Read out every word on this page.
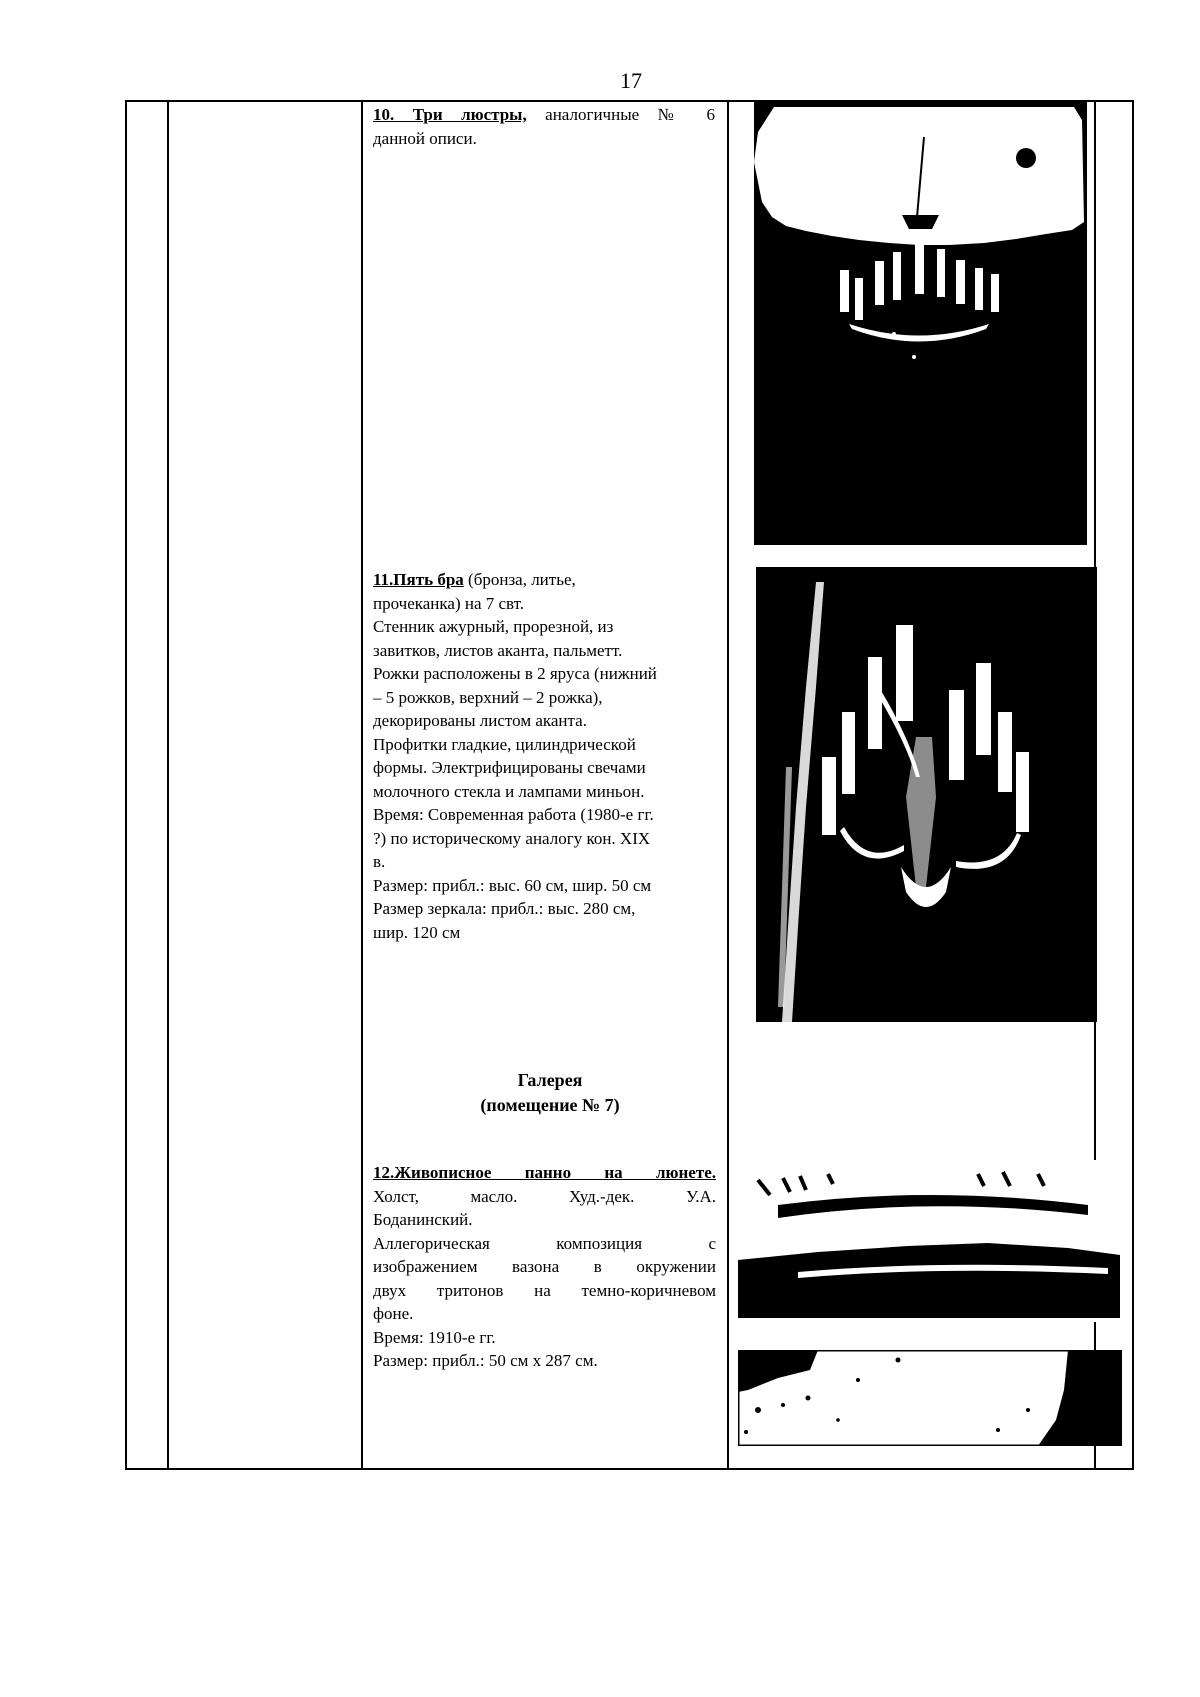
17

10. Три люстры, аналогичные № 6

данной описи.

11.Пять бра (бронза, литье,

прочеканка) на 7 свт.

Стенник ажурный, прорезной, из

завитков, листов аканта, пальметт.

Рожки расположены в 2 яруса (нижний

– 5 рожков, верхний – 2 рожка),

декорированы листом аканта.

Профитки гладкие, цилиндрической

формы. Электрифицированы свечами

молочного стекла и лампами миньон.

Время: Современная работа (1980-е гг.

?) по историческому аналогу кон. XIX

в.

Размер: прибл.: выс. 60 см, шир. 50 см

Размер зеркала: прибл.: выс. 280 см,

шир. 120 см

Галерея
(помещение № 7)

12.Живописное панно на люнете.

Холст, масло. Худ.-дек. У.А.

Боданинский.

Аллегорическая композиция с

изображением вазона в окружении

двух тритонов на темно-коричневом

фоне.

Время: 1910-е гг.

Размер: прибл.: 50 см х 287 см.
